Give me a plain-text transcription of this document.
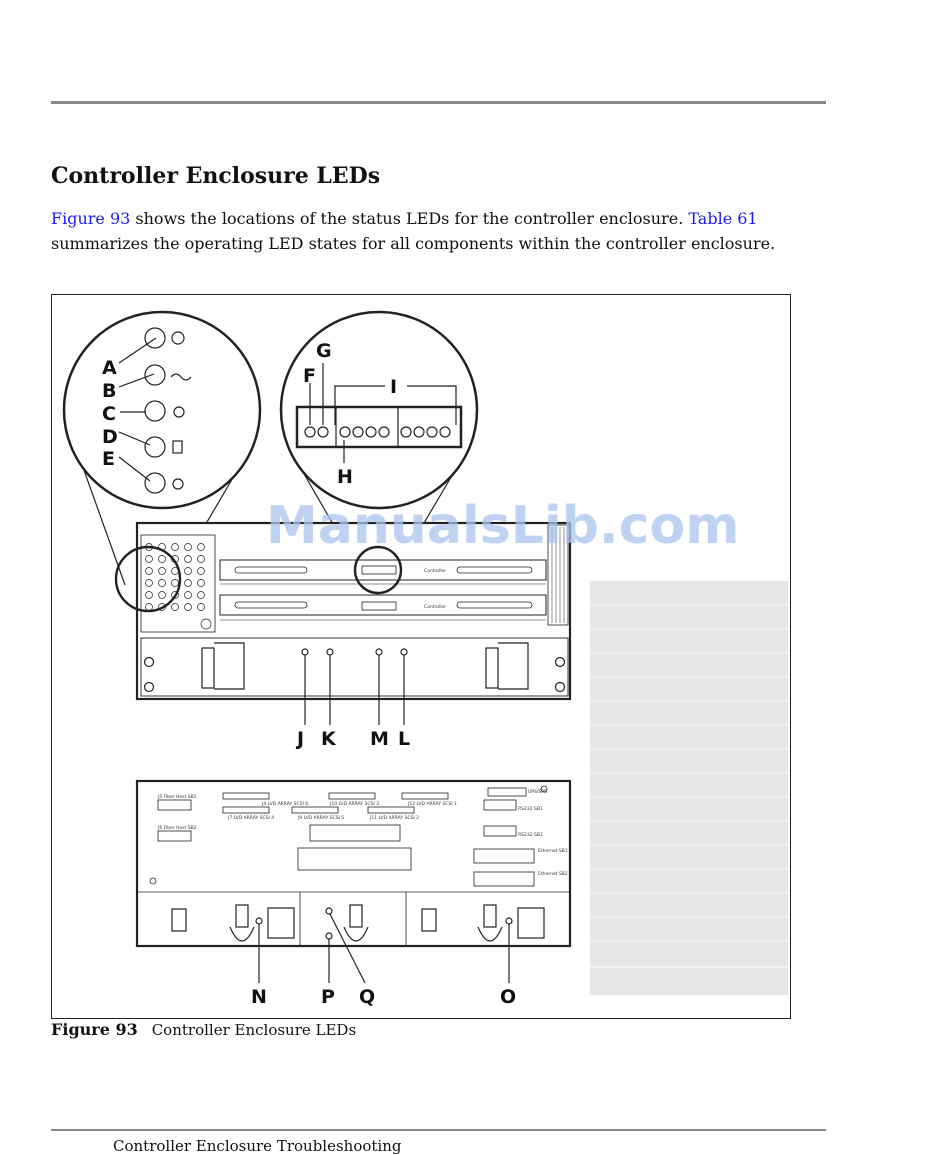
Controller Enclosure LEDs

Figure 93 shows the locations of the status LEDs for the controller enclosure. Table 61
summarizes the operating LED states for all components within the controller enclosure.

A
B
C
D
E
G
F	I
H
Controller
Controller
J K M L
J4 LVD ARRAY SCSI 6	J10 LVD ARRAY SCSI 3	J12 LVD ARRAY SCSI 1
J7 LVD ARRAY SCSI 4	J9 LVD ARRAY SCSI 5	J11 LVD ARRAY SCSI 2
J5 Fiber Host SB1
J6 Fiber Host SB2
RS232 SB1
RS232 SB2
Ethernet SB1
Ethernet SB2
UPS/SPS
N	P Q	O
ManualsLib.com
Figure 93 Controller Enclosure LEDs
Controller Enclosure Troubleshooting
